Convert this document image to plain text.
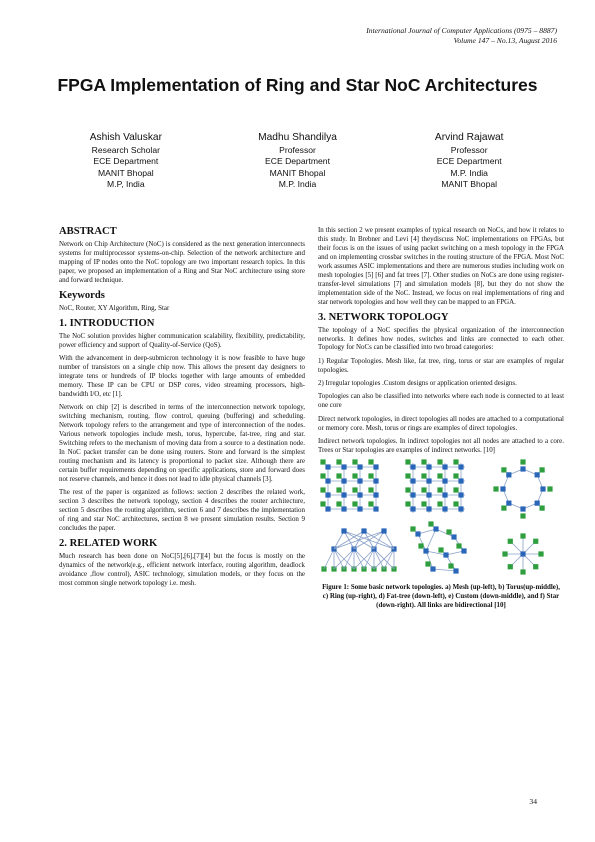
International Journal of Computer Applications (0975 – 8887)
Volume 147 – No.13, August 2016
FPGA Implementation of Ring and Star NoC Architectures
Ashish Valuskar
Research Scholar
ECE Department
MANIT Bhopal
M.P, India
Madhu Shandilya
Professor
ECE Department
MANIT Bhopal
M.P. India
Arvind Rajawat
Professor
ECE Department
M.P. India
MANIT Bhopal
ABSTRACT

Network on Chip Architecture (NoC) is considered as the next generation interconnects systems for multiprocessor systems-on-chip. Selection of the network architecture and mapping of IP nodes onto the NoC topology are two important research topics. In this paper, we proposed an implementation of a Ring and Star NoC architecture using store and forward technique.

Keywords

NoC, Router, XY Algorithm, Ring, Star

1. INTRODUCTION

The NoC solution provides higher communication scalability, flexibility, predictability, power efficiency and support of Quality-of-Service (QoS).

With the advancement in deep-submicron technology it is now feasible to have huge number of transistors on a single chip now. This allows the present day designers to integrate tens or hundreds of IP blocks together with large amounts of embedded memory. These IP can be CPU or DSP cores, video streaming processors, high-bandwidth I/O, etc [1].

Network on chip [2] is described in terms of the interconnection network topology, switching mechanism, routing, flow control, queuing (buffering) and scheduling. Network topology refers to the arrangement and type of interconnection of the nodes. Various network topologies include mesh, torus, hypercube, fat-tree, ring and star. Switching refers to the mechanism of moving data from a source to a destination node. In NoC packet transfer can be done using routers. Store and forward is the simplest routing mechanism and its latency is proportional to packet size. Although there are certain buffer requirements depending on specific applications, store and forward does not reserve channels, and hence it does not lead to idle physical channels [3].

The rest of the paper is organized as follows: section 2 describes the related work, section 3 describes the network topology, section 4 describes the router architecture, section 5 describes the routing algorithm, section 6 and 7 describes the implementation of ring and star NoC architectures, section 8 we present simulation results. Section 9 concludes the paper.

2. RELATED WORK

Much research has been done on NoC[5],[6],[7][4] but the focus is mostly on the dynamics of the network(e.g., efficient network interface, routing algorithm, deadlock avoidance ,flow control), ASIC technology, simulation models, or they focus on the most common single network topology i.e. mesh.

In this section 2 we present examples of typical research on NoCs, and how it relates to this study. In Brebner and Levi [4] theydiscuss NoC implementations on FPGAs, but their focus is on the issues of using packet switching on a mesh topology in the FPGA and on implementing crossbar switches in the routing structure of the FPGA. Most NoC work assumes ASIC implementations and there are numerous studies including work on mesh topologies [5] [6] and fat trees [7]. Other studies on NoCs are done using register-transfer-level simulations [7] and simulation models [8], but they do not show the implementation side of the NoC. Instead, we focus on real implementations of ring and star network topologies and how well they can be mapped to an FPGA.

3. NETWORK TOPOLOGY

The topology of a NoC specifies the physical organization of the interconnection networks. It defines how nodes, switches and links are connected to each other. Topology for NoCs can be classified into two broad categories:

1) Regular Topologies. Mesh like, fat tree, ring, torus or star are examples of regular topologies.

2) Irregular topologies .Custom designs or application oriented designs.

Topologies can also be classified into networks where each node is connected to at least one core

Direct network topologies, in direct topologies all nodes are attached to a computational or memory core. Mesh, torus or rings are examples of direct topologies.

Indirect network topologies. In indirect topologies not all nodes are attached to a core. Trees or Star topologies are examples of indirect networks. [10]

Figure 1: Some basic network topologies. a) Mesh (up-left), b) Torus(up-middle), c) Ring (up-right), d) Fat-tree (down-left), e) Custom (down-middle), and f) Star (down-right). All links are bidirectional [10]
34
